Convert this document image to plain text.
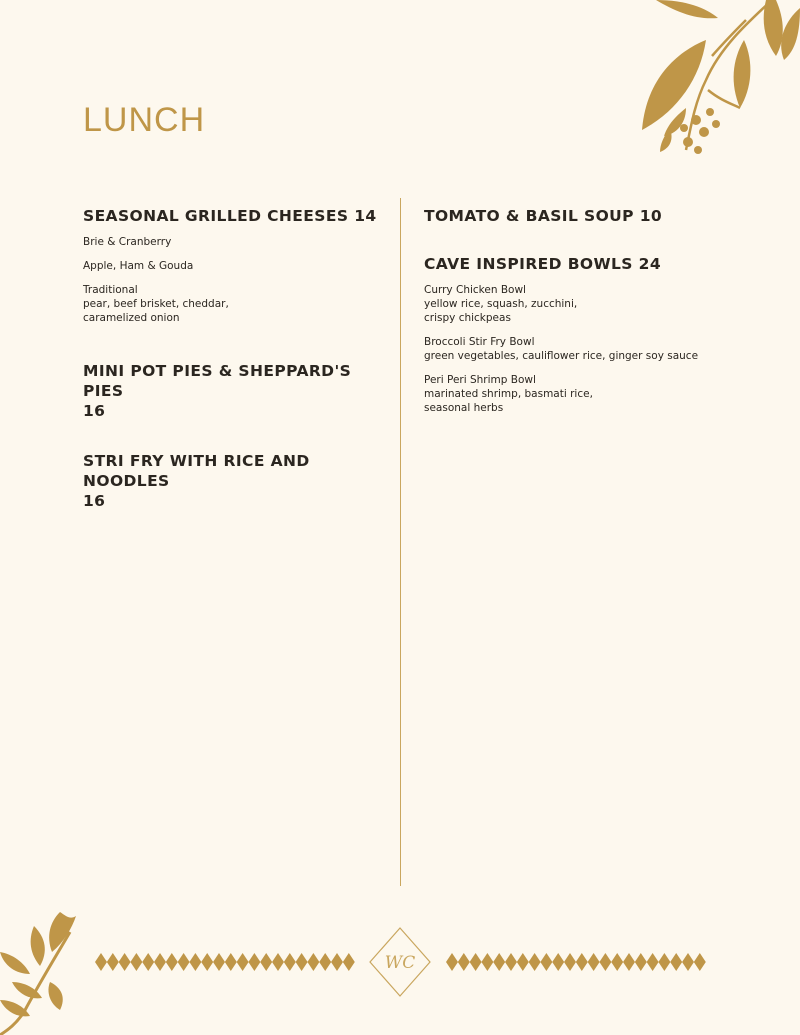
LUNCH
SEASONAL GRILLED CHEESES 14

Brie & Cranberry

Apple, Ham & Gouda

Traditional
pear, beef brisket, cheddar,
caramelized onion

MINI POT PIES & SHEPPARD'S PIES
16
STRI FRY WITH RICE AND NOODLES
16
TOMATO & BASIL SOUP 10
CAVE INSPIRED BOWLS 24

Curry Chicken Bowl
yellow rice, squash, zucchini,
crispy chickpeas

Broccoli Stir Fry Bowl
green vegetables, cauliflower rice, ginger soy sauce

Peri Peri Shrimp Bowl
marinated shrimp, basmati rice,
seasonal herbs

WC
